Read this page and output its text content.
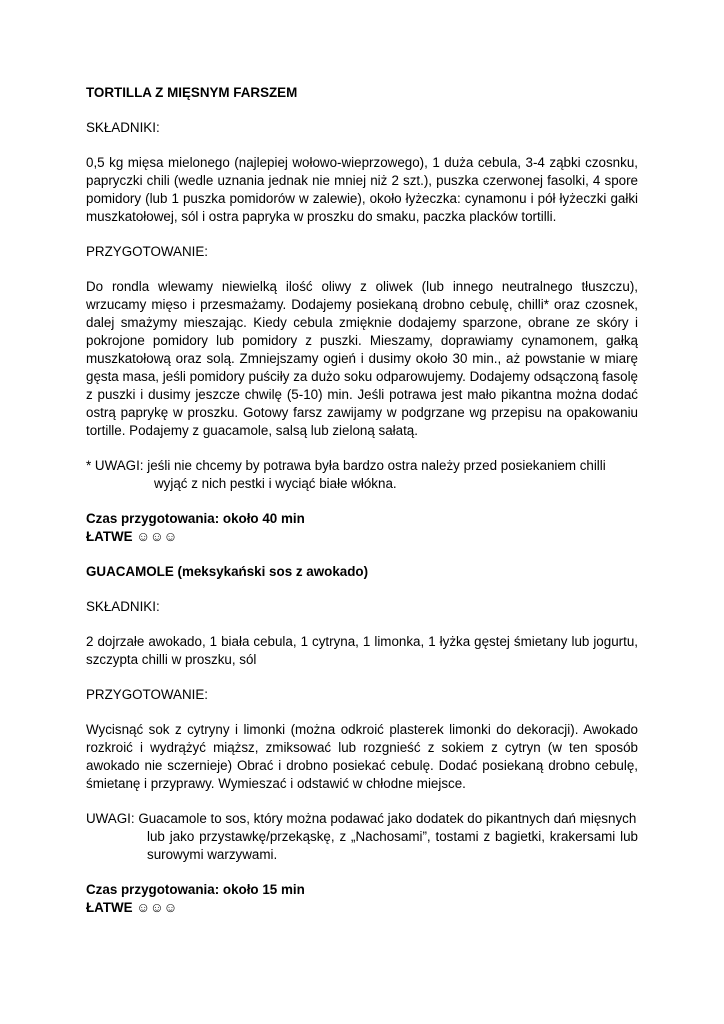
TORTILLA Z MIĘSNYM FARSZEM

SKŁADNIKI:

0,5 kg mięsa mielonego (najlepiej wołowo-wieprzowego), 1 duża cebula, 3-4 ząbki czosnku, papryczki chili (wedle uznania jednak nie mniej niż 2 szt.), puszka czerwonej fasolki, 4 spore pomidory (lub 1 puszka pomidorów w zalewie), około łyżeczka: cynamonu i pół łyżeczki gałki muszkatołowej, sól i ostra papryka w proszku do smaku, paczka placków tortilli.

PRZYGOTOWANIE:

Do rondla wlewamy niewielką ilość oliwy z oliwek (lub innego neutralnego tłuszczu), wrzucamy mięso i przesmażamy. Dodajemy posiekaną drobno cebulę, chilli* oraz czosnek, dalej smażymy mieszając. Kiedy cebula zmięknie dodajemy sparzone, obrane ze skóry i pokrojone pomidory lub pomidory z puszki. Mieszamy, doprawiamy cynamonem, gałką muszkatołową oraz solą. Zmniejszamy ogień i dusimy około 30 min., aż powstanie w miarę gęsta masa, jeśli pomidory puściły za dużo soku odparowujemy. Dodajemy odsączoną fasolę z puszki i dusimy jeszcze chwilę (5-10) min. Jeśli potrawa jest mało pikantna można dodać ostrą paprykę w proszku. Gotowy farsz zawijamy w podgrzane wg przepisu na opakowaniu tortille. Podajemy z guacamole, salsą lub zieloną sałatą.

* UWAGI: jeśli nie chcemy by potrawa była bardzo ostra należy przed posiekaniem chilli
wyjąć z nich pestki i wyciąć białe włókna.

Czas przygotowania: około 40 min

ŁATWE ☺☺☺

GUACAMOLE (meksykański sos z awokado)

SKŁADNIKI:

2 dojrzałe awokado, 1 biała cebula, 1 cytryna, 1 limonka, 1 łyżka gęstej śmietany lub jogurtu, szczypta chilli w proszku, sól

PRZYGOTOWANIE:

Wycisnąć sok z cytryny i limonki (można odkroić plasterek limonki do dekoracji). Awokado rozkroić i wydrążyć miąższ, zmiksować lub rozgnieść z sokiem z cytryn (w ten sposób awokado nie sczernieje) Obrać i drobno posiekać cebulę. Dodać posiekaną drobno cebulę, śmietanę i przyprawy. Wymieszać i odstawić w chłodne miejsce.

UWAGI: Guacamole to sos, który można podawać jako dodatek do pikantnych dań mięsnych
lub jako przystawkę/przekąskę, z „Nachosami”, tostami z bagietki, krakersami lub surowymi warzywami.

Czas przygotowania: około 15 min

ŁATWE ☺☺☺
